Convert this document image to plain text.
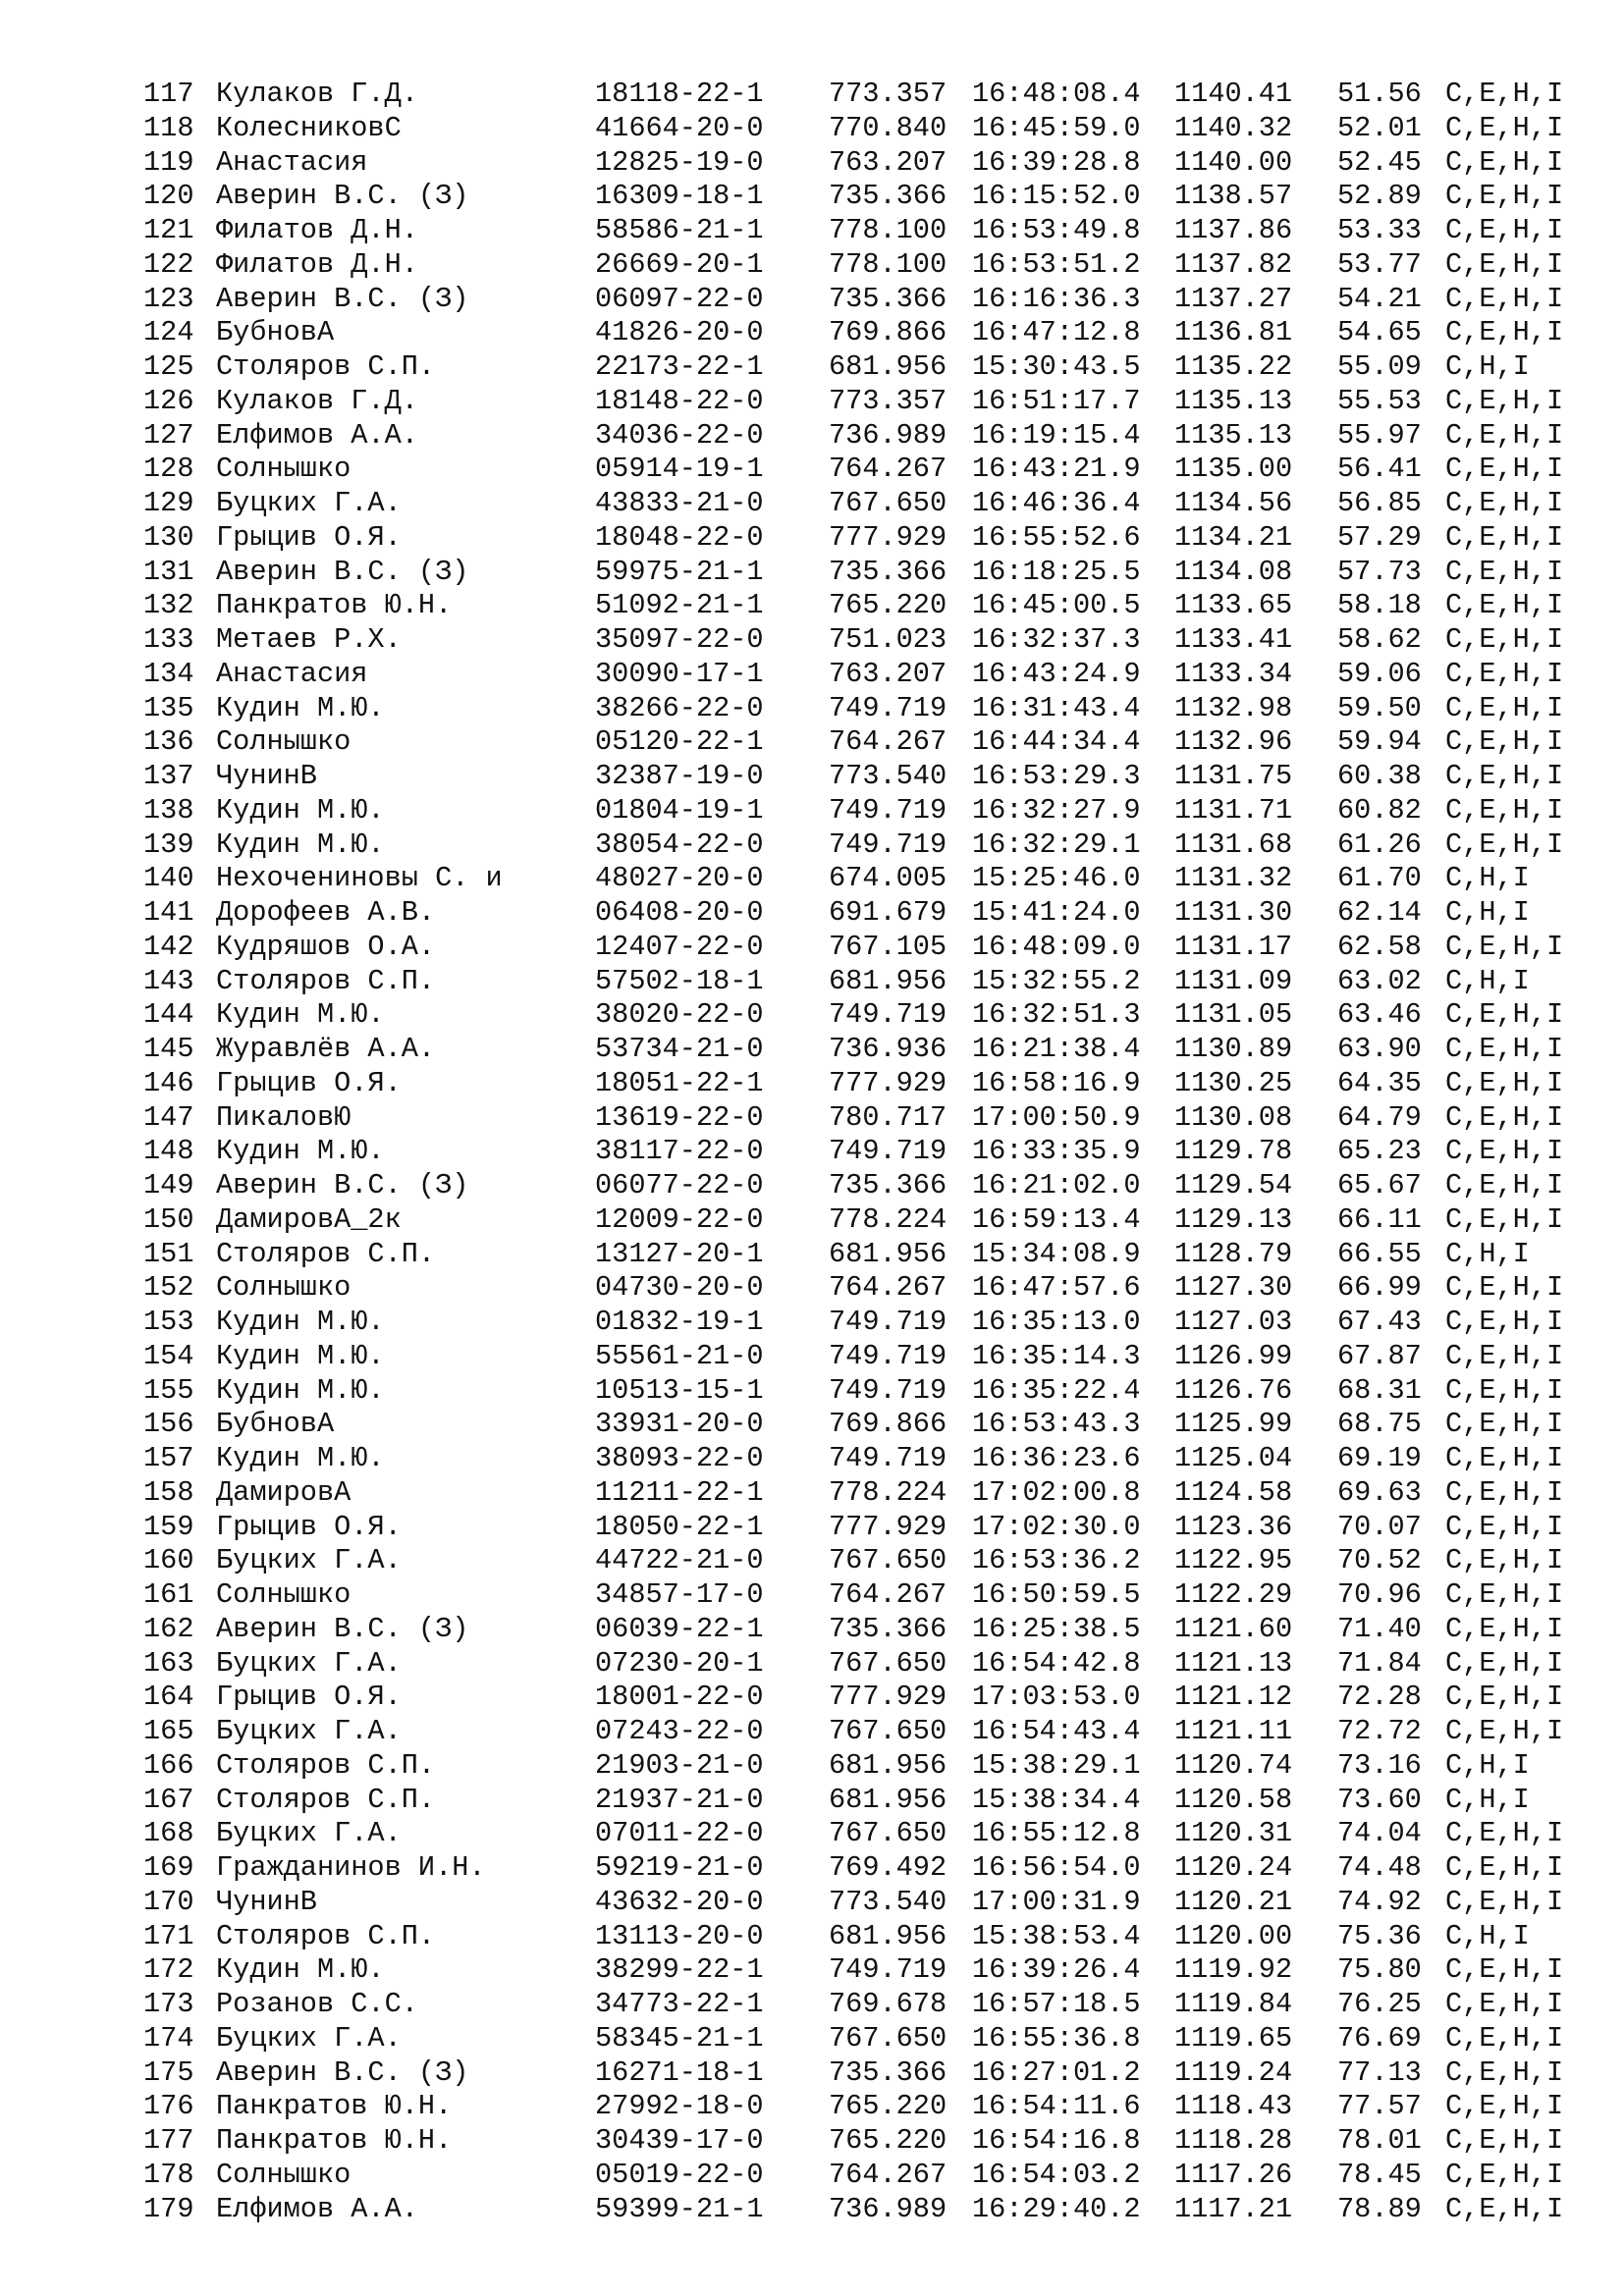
117 Кулаков Г.Д.	18118-22-1 773.357 16:48:08.4 1140.41 51.56 C,E,H,I
118 КолесниковС	41664-20-0 770.840 16:45:59.0 1140.32 52.01 C,E,H,I
119 Анастасия	12825-19-0 763.207 16:39:28.8 1140.00 52.45 C,E,H,I
120 Аверин В.С. (З)	16309-18-1 735.366 16:15:52.0 1138.57 52.89 C,E,H,I
121 Филатов Д.Н.	58586-21-1 778.100 16:53:49.8 1137.86 53.33 C,E,H,I
122 Филатов Д.Н.	26669-20-1 778.100 16:53:51.2 1137.82 53.77 C,E,H,I
123 Аверин В.С. (З)	06097-22-0 735.366 16:16:36.3 1137.27 54.21 C,E,H,I
124 БубновА	41826-20-0 769.866 16:47:12.8 1136.81 54.65 C,E,H,I
125 Столяров С.П.	22173-22-1 681.956 15:30:43.5 1135.22 55.09 C,H,I
126 Кулаков Г.Д.	18148-22-0 773.357 16:51:17.7 1135.13 55.53 C,E,H,I
127 Елфимов А.А.	34036-22-0 736.989 16:19:15.4 1135.13 55.97 C,E,H,I
128 Солнышко	05914-19-1 764.267 16:43:21.9 1135.00 56.41 C,E,H,I
129 Буцких Г.А.	43833-21-0 767.650 16:46:36.4 1134.56 56.85 C,E,H,I
130 Грыцив О.Я.	18048-22-0 777.929 16:55:52.6 1134.21 57.29 C,E,H,I
131 Аверин В.С. (З)	59975-21-1 735.366 16:18:25.5 1134.08 57.73 C,E,H,I
132 Панкратов Ю.Н.	51092-21-1 765.220 16:45:00.5 1133.65 58.18 C,E,H,I
133 Метаев Р.Х.	35097-22-0 751.023 16:32:37.3 1133.41 58.62 C,E,H,I
134 Анастасия	30090-17-1 763.207 16:43:24.9 1133.34 59.06 C,E,H,I
135 Кудин М.Ю.	38266-22-0 749.719 16:31:43.4 1132.98 59.50 C,E,H,I
136 Солнышко	05120-22-1 764.267 16:44:34.4 1132.96 59.94 C,E,H,I
137 ЧунинВ	32387-19-0 773.540 16:53:29.3 1131.75 60.38 C,E,H,I
138 Кудин М.Ю.	01804-19-1 749.719 16:32:27.9 1131.71 60.82 C,E,H,I
139 Кудин М.Ю.	38054-22-0 749.719 16:32:29.1 1131.68 61.26 C,E,H,I
140 Нехочениновы С. и	48027-20-0 674.005 15:25:46.0 1131.32 61.70 C,H,I
141 Дорофеев А.В.	06408-20-0 691.679 15:41:24.0 1131.30 62.14 C,H,I
142 Кудряшов О.А.	12407-22-0 767.105 16:48:09.0 1131.17 62.58 C,E,H,I
143 Столяров С.П.	57502-18-1 681.956 15:32:55.2 1131.09 63.02 C,H,I
144 Кудин М.Ю.	38020-22-0 749.719 16:32:51.3 1131.05 63.46 C,E,H,I
145 Журавлёв А.А.	53734-21-0 736.936 16:21:38.4 1130.89 63.90 C,E,H,I
146 Грыцив О.Я.	18051-22-1 777.929 16:58:16.9 1130.25 64.35 C,E,H,I
147 ПикаловЮ	13619-22-0 780.717 17:00:50.9 1130.08 64.79 C,E,H,I
148 Кудин М.Ю.	38117-22-0 749.719 16:33:35.9 1129.78 65.23 C,E,H,I
149 Аверин В.С. (З)	06077-22-0 735.366 16:21:02.0 1129.54 65.67 C,E,H,I
150 ДамировА_2к	12009-22-0 778.224 16:59:13.4 1129.13 66.11 C,E,H,I
151 Столяров С.П.	13127-20-1 681.956 15:34:08.9 1128.79 66.55 C,H,I
152 Солнышко	04730-20-0 764.267 16:47:57.6 1127.30 66.99 C,E,H,I
153 Кудин М.Ю.	01832-19-1 749.719 16:35:13.0 1127.03 67.43 C,E,H,I
154 Кудин М.Ю.	55561-21-0 749.719 16:35:14.3 1126.99 67.87 C,E,H,I
155 Кудин М.Ю.	10513-15-1 749.719 16:35:22.4 1126.76 68.31 C,E,H,I
156 БубновА	33931-20-0 769.866 16:53:43.3 1125.99 68.75 C,E,H,I
157 Кудин М.Ю.	38093-22-0 749.719 16:36:23.6 1125.04 69.19 C,E,H,I
158 ДамировА	11211-22-1 778.224 17:02:00.8 1124.58 69.63 C,E,H,I
159 Грыцив О.Я.	18050-22-1 777.929 17:02:30.0 1123.36 70.07 C,E,H,I
160 Буцких Г.А.	44722-21-0 767.650 16:53:36.2 1122.95 70.52 C,E,H,I
161 Солнышко	34857-17-0 764.267 16:50:59.5 1122.29 70.96 C,E,H,I
162 Аверин В.С. (З)	06039-22-1 735.366 16:25:38.5 1121.60 71.40 C,E,H,I
163 Буцких Г.А.	07230-20-1 767.650 16:54:42.8 1121.13 71.84 C,E,H,I
164 Грыцив О.Я.	18001-22-0 777.929 17:03:53.0 1121.12 72.28 C,E,H,I
165 Буцких Г.А.	07243-22-0 767.650 16:54:43.4 1121.11 72.72 C,E,H,I
166 Столяров С.П.	21903-21-0 681.956 15:38:29.1 1120.74 73.16 C,H,I
167 Столяров С.П.	21937-21-0 681.956 15:38:34.4 1120.58 73.60 C,H,I
168 Буцких Г.А.	07011-22-0 767.650 16:55:12.8 1120.31 74.04 C,E,H,I
169 Гражданинов И.Н.	59219-21-0 769.492 16:56:54.0 1120.24 74.48 C,E,H,I
170 ЧунинВ	43632-20-0 773.540 17:00:31.9 1120.21 74.92 C,E,H,I
171 Столяров С.П.	13113-20-0 681.956 15:38:53.4 1120.00 75.36 C,H,I
172 Кудин М.Ю.	38299-22-1 749.719 16:39:26.4 1119.92 75.80 C,E,H,I
173 Розанов С.С.	34773-22-1 769.678 16:57:18.5 1119.84 76.25 C,E,H,I
174 Буцких Г.А.	58345-21-1 767.650 16:55:36.8 1119.65 76.69 C,E,H,I
175 Аверин В.С. (З)	16271-18-1 735.366 16:27:01.2 1119.24 77.13 C,E,H,I
176 Панкратов Ю.Н.	27992-18-0 765.220 16:54:11.6 1118.43 77.57 C,E,H,I
177 Панкратов Ю.Н.	30439-17-0 765.220 16:54:16.8 1118.28 78.01 C,E,H,I
178 Солнышко	05019-22-0 764.267 16:54:03.2 1117.26 78.45 C,E,H,I
179 Елфимов А.А.	59399-21-1 736.989 16:29:40.2 1117.21 78.89 C,E,H,I
